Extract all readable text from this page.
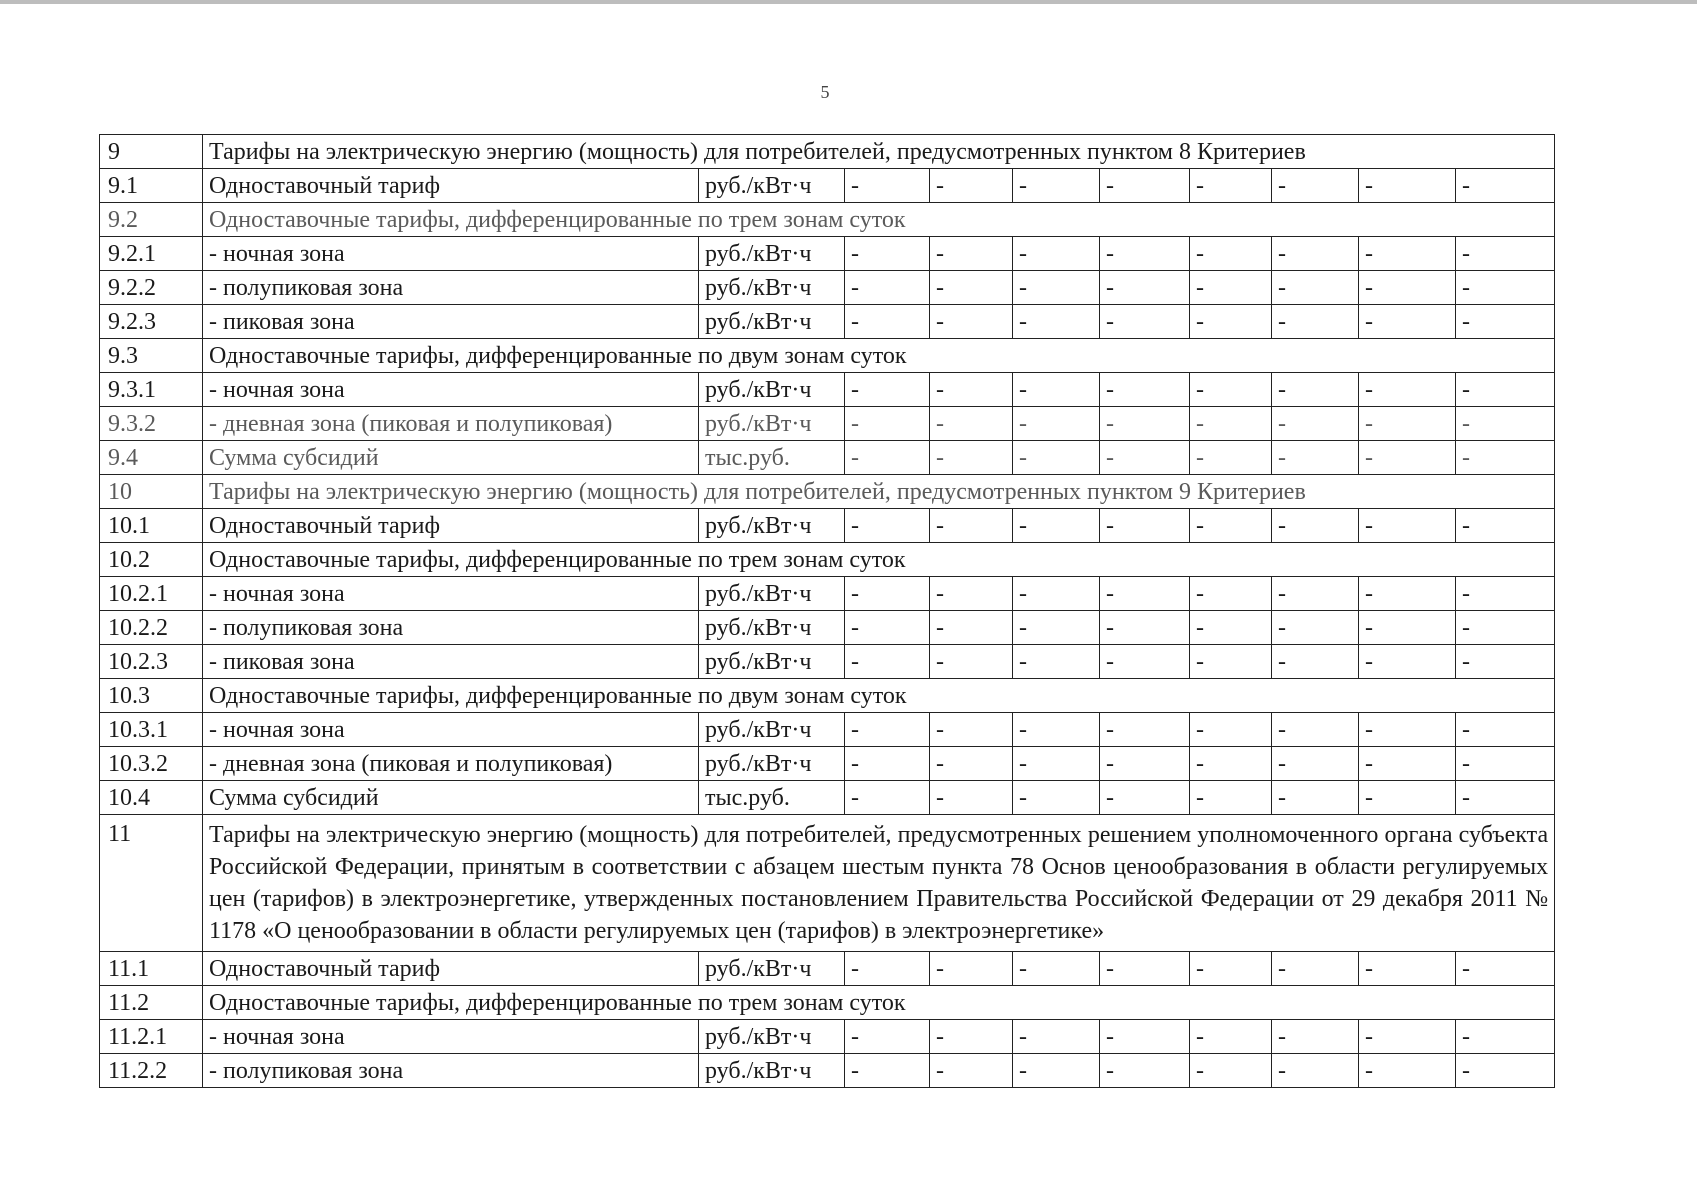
5
9	Тарифы на электрическую энергию (мощность) для потребителей, предусмотренных пунктом 8 Критериев									
9.1	Одноставочный тариф	руб./кВт·ч	-	-	-	-	-	-	-	-
9.2	Одноставочные тарифы, дифференцированные по трем зонам суток									
9.2.1	- ночная зона	руб./кВт·ч	-	-	-	-	-	-	-	-
9.2.2	- полупиковая зона	руб./кВт·ч	-	-	-	-	-	-	-	-
9.2.3	- пиковая зона	руб./кВт·ч	-	-	-	-	-	-	-	-
9.3	Одноставочные тарифы, дифференцированные по двум зонам суток									
9.3.1	- ночная зона	руб./кВт·ч	-	-	-	-	-	-	-	-
9.3.2	- дневная зона (пиковая и полупиковая)	руб./кВт·ч	-	-	-	-	-	-	-	-
9.4	Сумма субсидий	тыс.руб.	-	-	-	-	-	-	-	-
10	Тарифы на электрическую энергию (мощность) для потребителей, предусмотренных пунктом 9 Критериев									
10.1	Одноставочный тариф	руб./кВт·ч	-	-	-	-	-	-	-	-
10.2	Одноставочные тарифы, дифференцированные по трем зонам суток									
10.2.1	- ночная зона	руб./кВт·ч	-	-	-	-	-	-	-	-
10.2.2	- полупиковая зона	руб./кВт·ч	-	-	-	-	-	-	-	-
10.2.3	- пиковая зона	руб./кВт·ч	-	-	-	-	-	-	-	-
10.3	Одноставочные тарифы, дифференцированные по двум зонам суток									
10.3.1	- ночная зона	руб./кВт·ч	-	-	-	-	-	-	-	-
10.3.2	- дневная зона (пиковая и полупиковая)	руб./кВт·ч	-	-	-	-	-	-	-	-
10.4	Сумма субсидий	тыс.руб.	-	-	-	-	-	-	-	-
11	Тарифы на электрическую энергию (мощность) для потребителей, предусмотренных решением уполномоченного органа субъекта Российской Федерации, принятым в соответствии с абзацем шестым пункта 78 Основ ценообразования в области регулируемых цен (тарифов) в электроэнергетике, утвержденных постановлением Правительства Российской Федерации от 29 декабря 2011 № 1178 «О ценообразовании в области регулируемых цен (тарифов) в электроэнергетике»									
11.1	Одноставочный тариф	руб./кВт·ч	-	-	-	-	-	-	-	-
11.2	Одноставочные тарифы, дифференцированные по трем зонам суток									
11.2.1	- ночная зона	руб./кВт·ч	-	-	-	-	-	-	-	-
11.2.2	- полупиковая зона	руб./кВт·ч	-	-	-	-	-	-	-	-
